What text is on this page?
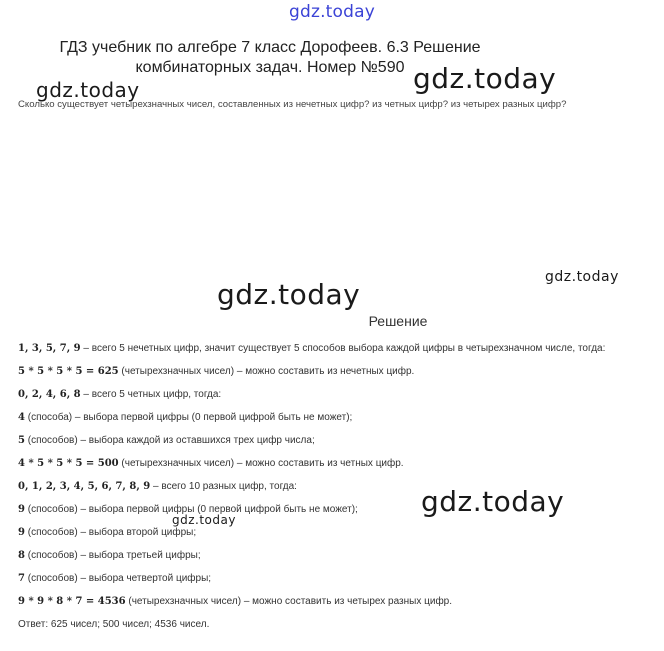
gdz.today
ГДЗ учебник по алгебре 7 класс Дорофеев. 6.3 Решение комбинаторных задач. Номер №590
gdz.today	gdz.today
Сколько существует четырехзначных чисел, составленных из нечетных цифр? из четных цифр? из четырех разных цифр?
gdz.today
gdz.today
Решение
1, 3, 5, 7, 9 – всего 5 нечетных цифр, значит существует 5 способов выбора каждой цифры в четырехзначном числе, тогда:
5 * 5 * 5 * 5 = 625 (четырехзначных чисел) – можно составить из нечетных цифр.
0, 2, 4, 6, 8 – всего 5 четных цифр, тогда:
4 (способа) – выбора первой цифры (0 первой цифрой быть не может);
5 (способов) – выбора каждой из оставшихся трех цифр числа;
4 * 5 * 5 * 5 = 500 (четырехзначных чисел) – можно составить из четных цифр.
0, 1, 2, 3, 4, 5, 6, 7, 8, 9 – всего 10 разных цифр, тогда:
9 (способов) – выбора первой цифры (0 первой цифрой быть не может);
9 (способов) – выбора второй цифры;
8 (способов) – выбора третьей цифры;
7 (способов) – выбора четвертой цифры;
9 * 9 * 8 * 7 = 4536 (четырехзначных чисел) – можно составить из четырех разных цифр.
Ответ: 625 чисел; 500 чисел; 4536 чисел.
gdz.today
gdz.today
